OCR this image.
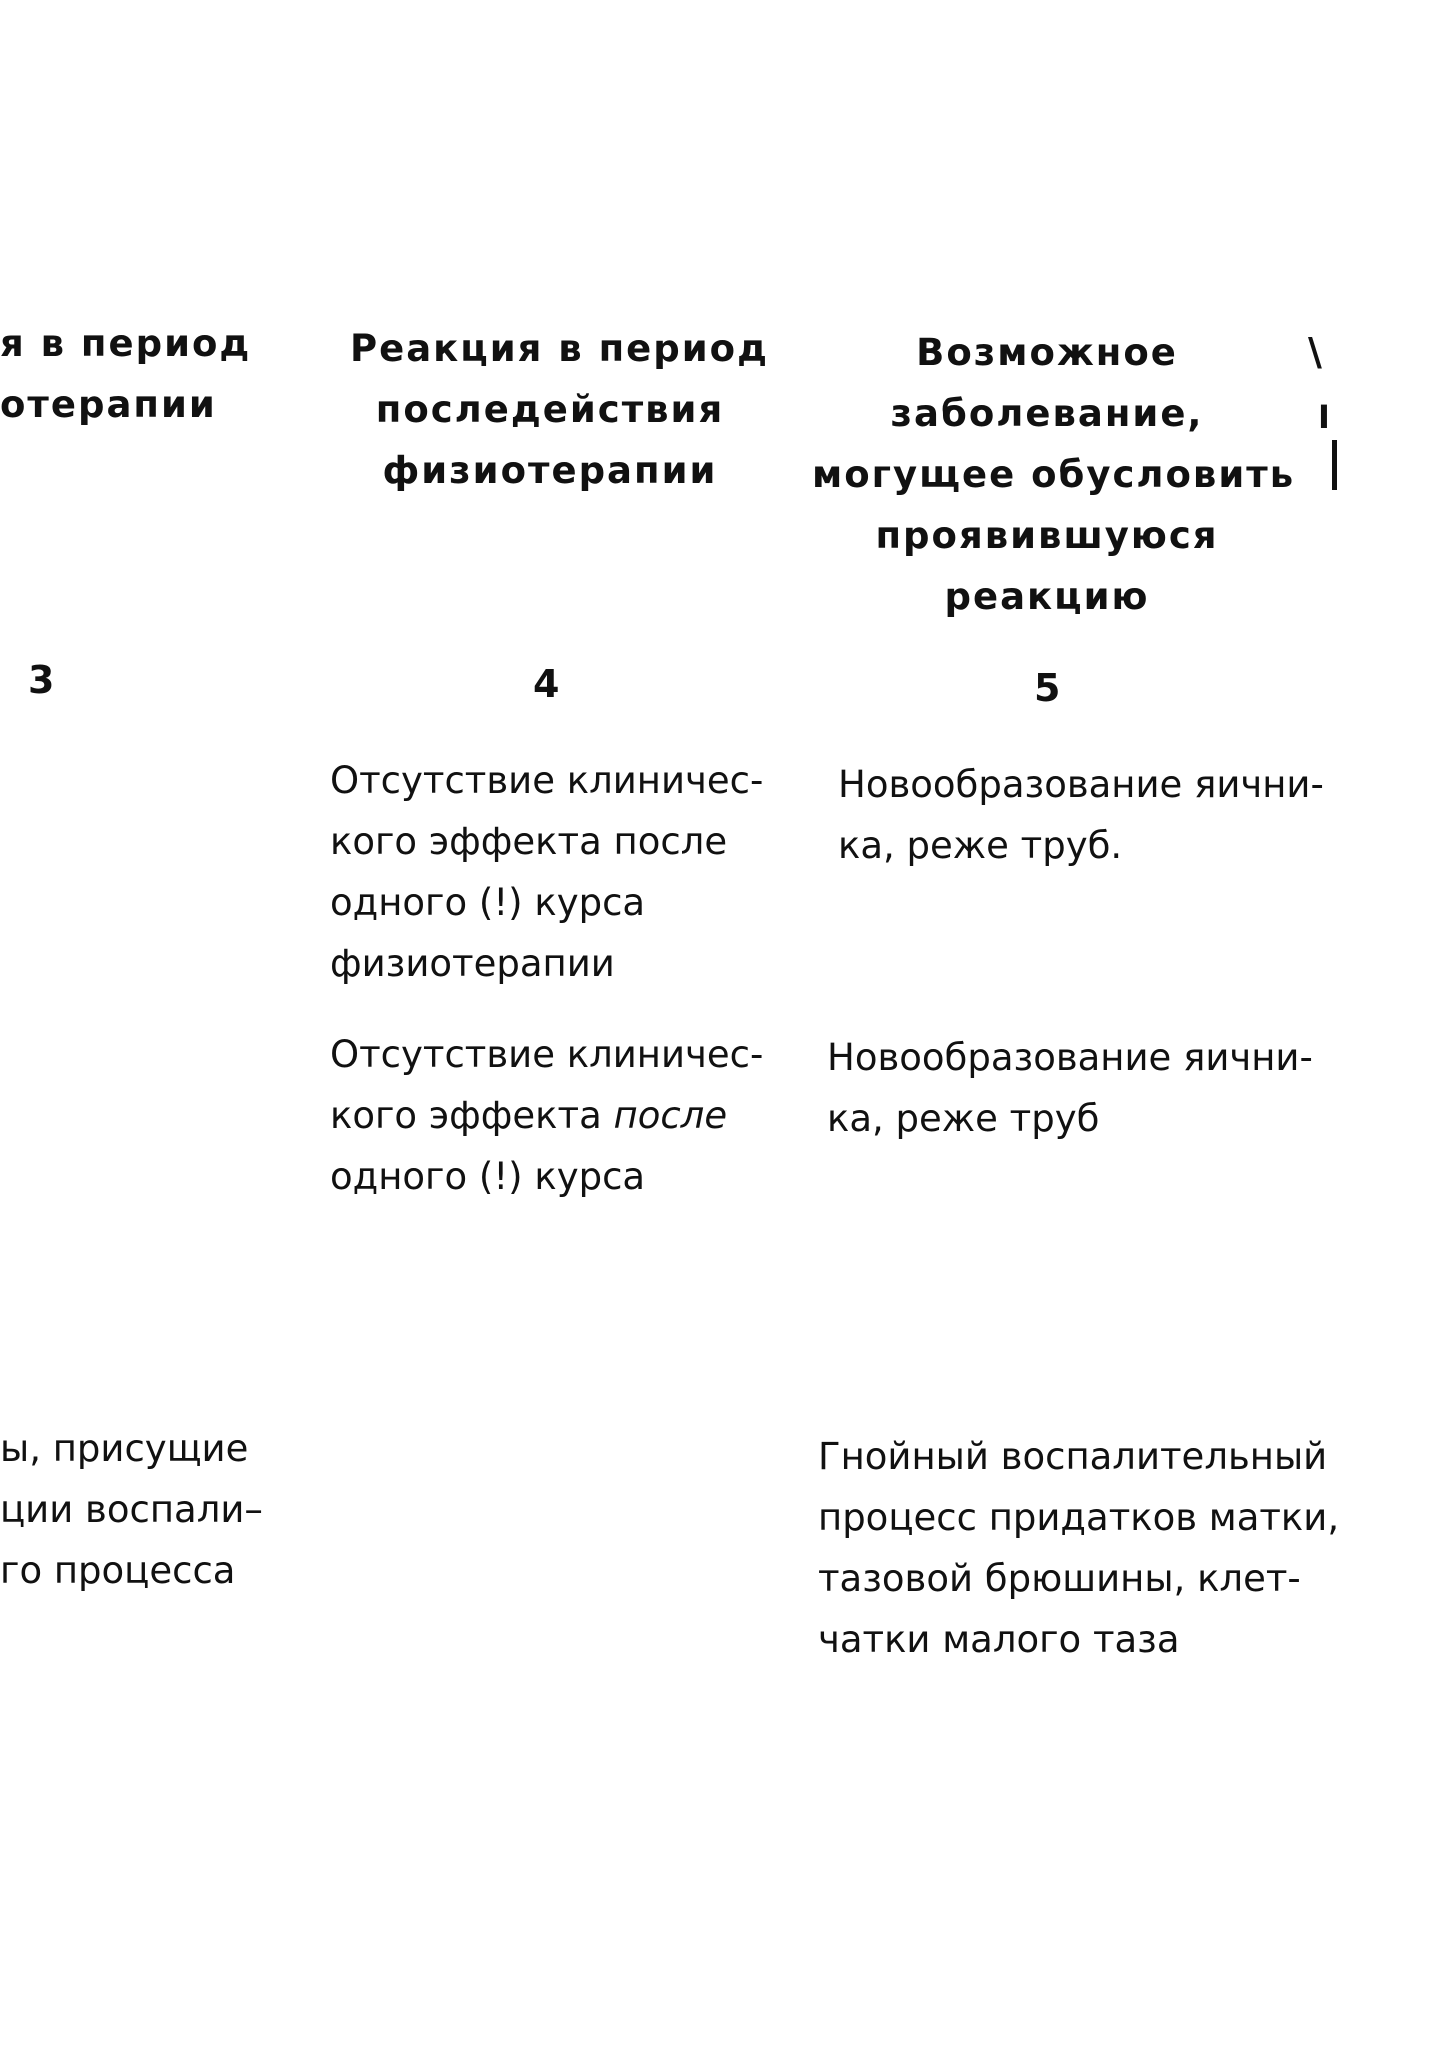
я в период
отерапии

Реакция в период
последействия
физиотерапии

Возможное
заболевание,
могущее обусловить
проявившуюся
реакцию

\
I
3	4	5

Отсутствие клиничес-
кого эффекта после
одного (!) курса
физиотерапии

Новообразование яични-
ка, реже труб.

Отсутствие клиничес-
кого эффекта после
одного (!) курса

Новообразование яични-
ка, реже труб

ы, присущие
ции воспали–
го процесса

Гнойный воспалительный
процесс придатков матки,
тазовой брюшины, клет-
чатки малого таза
